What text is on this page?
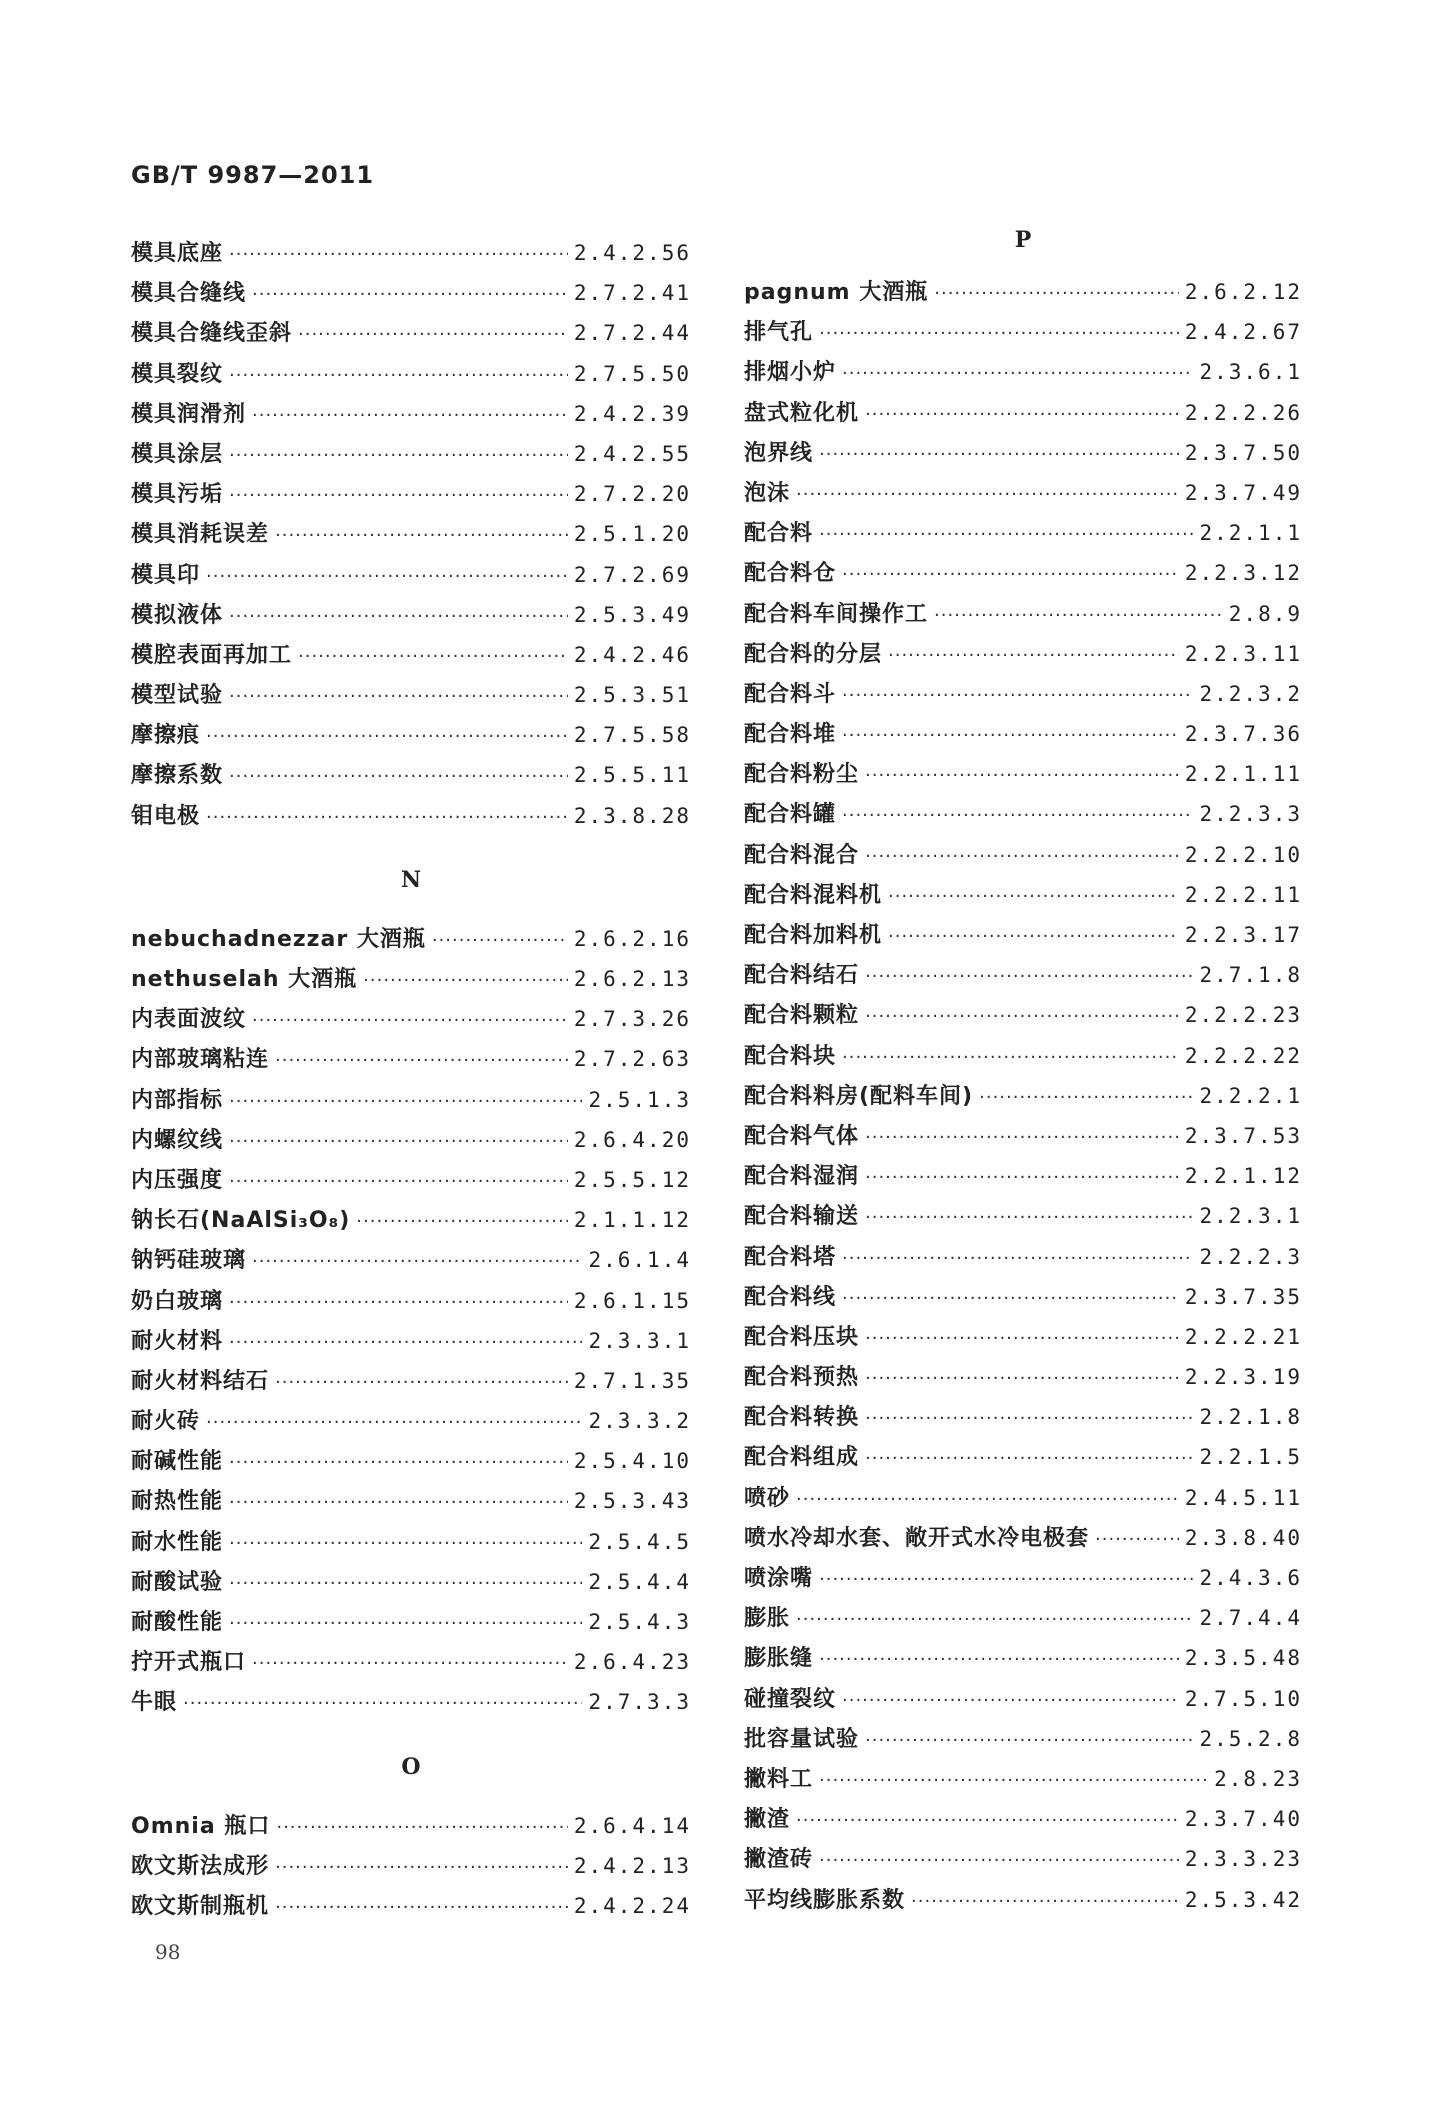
GB/T 9987—2011
模具底座 ·····	2.4.2.56
模具合缝线 ·····	2.7.2.41
模具合缝线歪斜 ·····	2.7.2.44
模具裂纹 ·····	2.7.5.50
模具润滑剂 ·····	2.4.2.39
模具涂层 ·····	2.4.2.55
模具污垢 ·····	2.7.2.20
模具消耗误差 ·····	2.5.1.20
模具印 ·····	2.7.2.69
模拟液体 ·····	2.5.3.49
模腔表面再加工 ·····	2.4.2.46
模型试验 ·····	2.5.3.51
摩擦痕 ·····	2.7.5.58
摩擦系数 ·····	2.5.5.11
钼电极 ·····	2.3.8.28
N
nebuchadnezzar 大酒瓶 ·····	2.6.2.16
nethuselah 大酒瓶 ·····	2.6.2.13
内表面波纹 ·····	2.7.3.26
内部玻璃粘连 ·····	2.7.2.63
内部指标 ·····	2.5.1.3
内螺纹线 ·····	2.6.4.20
内压强度 ·····	2.5.5.12
钠长石(NaAlSi₃O₈) ·····	2.1.1.12
钠钙硅玻璃 ·····	2.6.1.4
奶白玻璃 ·····	2.6.1.15
耐火材料 ·····	2.3.3.1
耐火材料结石 ·····	2.7.1.35
耐火砖 ·····	2.3.3.2
耐碱性能 ·····	2.5.4.10
耐热性能 ·····	2.5.3.43
耐水性能 ·····	2.5.4.5
耐酸试验 ·····	2.5.4.4
耐酸性能 ·····	2.5.4.3
拧开式瓶口 ·····	2.6.4.23
牛眼 ·····	2.7.3.3
O
Omnia 瓶口 ·····	2.6.4.14
欧文斯法成形 ·····	2.4.2.13
欧文斯制瓶机 ·····	2.4.2.24
P
pagnum 大酒瓶 ·····	2.6.2.12
排气孔 ·····	2.4.2.67
排烟小炉 ·····	2.3.6.1
盘式粒化机 ·····	2.2.2.26
泡界线 ·····	2.3.7.50
泡沫 ·····	2.3.7.49
配合料 ·····	2.2.1.1
配合料仓 ·····	2.2.3.12
配合料车间操作工 ·····	2.8.9
配合料的分层 ·····	2.2.3.11
配合料斗 ·····	2.2.3.2
配合料堆 ·····	2.3.7.36
配合料粉尘 ·····	2.2.1.11
配合料罐 ·····	2.2.3.3
配合料混合 ·····	2.2.2.10
配合料混料机 ·····	2.2.2.11
配合料加料机 ·····	2.2.3.17
配合料结石 ·····	2.7.1.8
配合料颗粒 ·····	2.2.2.23
配合料块 ·····	2.2.2.22
配合料料房(配料车间) ·····	2.2.2.1
配合料气体 ·····	2.3.7.53
配合料湿润 ·····	2.2.1.12
配合料输送 ·····	2.2.3.1
配合料塔 ·····	2.2.2.3
配合料线 ·····	2.3.7.35
配合料压块 ·····	2.2.2.21
配合料预热 ·····	2.2.3.19
配合料转换 ·····	2.2.1.8
配合料组成 ·····	2.2.1.5
喷砂 ·····	2.4.5.11
喷水冷却水套、敞开式水冷电极套 ·····	2.3.8.40
喷涂嘴 ·····	2.4.3.6
膨胀 ·····	2.7.4.4
膨胀缝 ·····	2.3.5.48
碰撞裂纹 ·····	2.7.5.10
批容量试验 ·····	2.5.2.8
撇料工 ·····	2.8.23
撇渣 ·····	2.3.7.40
撇渣砖 ·····	2.3.3.23
平均线膨胀系数 ·····	2.5.3.42
98
